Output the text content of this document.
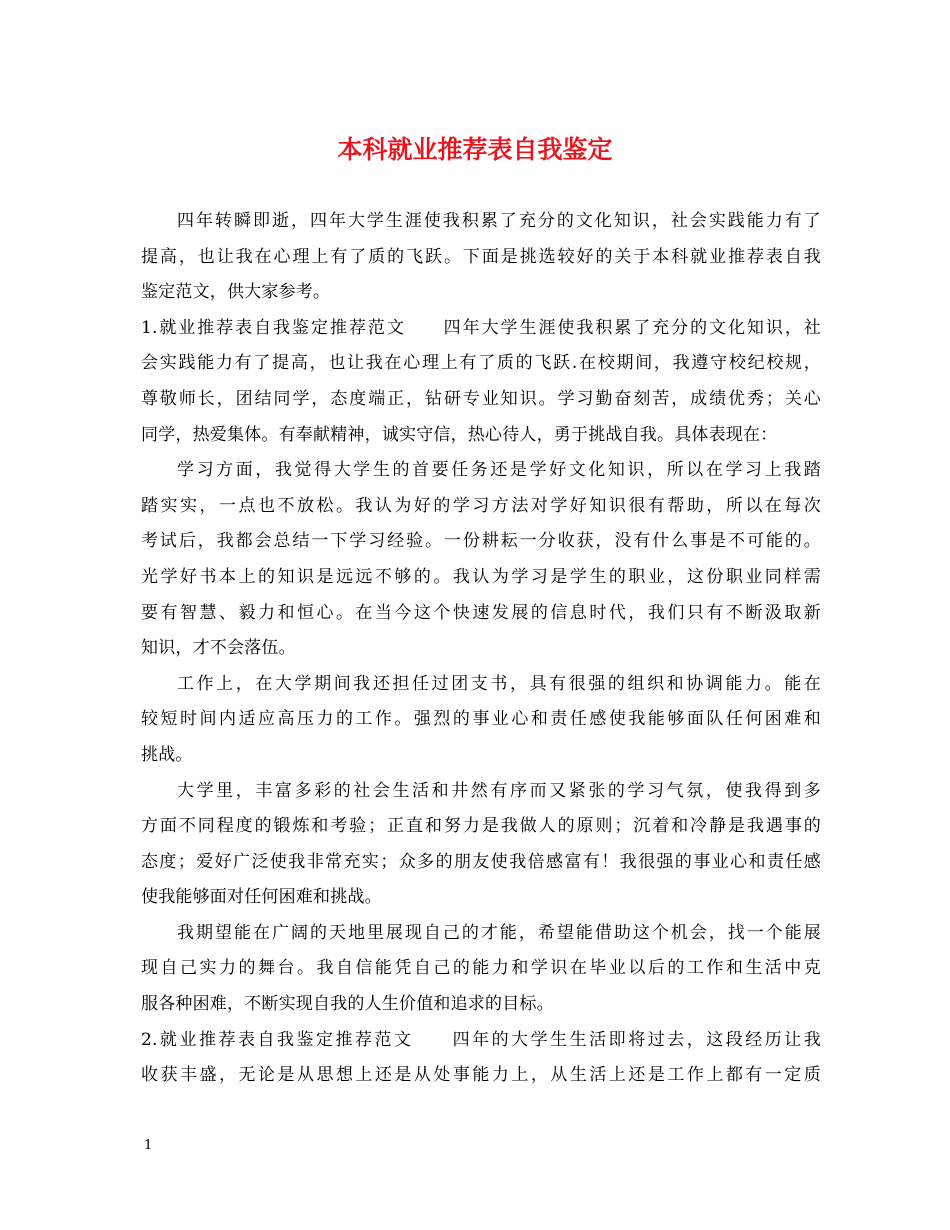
本科就业推荐表自我鉴定
四年转瞬即逝，四年大学生涯使我积累了充分的文化知识，社会实践能力有了
提高，也让我在心理上有了质的飞跃。下面是挑选较好的关于本科就业推荐表自我
鉴定范文，供大家参考。
1.就业推荐表自我鉴定推荐范文　　四年大学生涯使我积累了充分的文化知识，社
会实践能力有了提高，也让我在心理上有了质的飞跃.在校期间，我遵守校纪校规，
尊敬师长，团结同学，态度端正，钻研专业知识。学习勤奋刻苦，成绩优秀；关心
同学，热爱集体。有奉献精神，诚实守信，热心待人，勇于挑战自我。具体表现在：
学习方面，我觉得大学生的首要任务还是学好文化知识，所以在学习上我踏
踏实实，一点也不放松。我认为好的学习方法对学好知识很有帮助，所以在每次
考试后，我都会总结一下学习经验。一份耕耘一分收获，没有什么事是不可能的。
光学好书本上的知识是远远不够的。我认为学习是学生的职业，这份职业同样需
要有智慧、毅力和恒心。在当今这个快速发展的信息时代，我们只有不断汲取新
知识，才不会落伍。
工作上，在大学期间我还担任过团支书，具有很强的组织和协调能力。能在
较短时间内适应高压力的工作。强烈的事业心和责任感使我能够面队任何困难和
挑战。
大学里，丰富多彩的社会生活和井然有序而又紧张的学习气氛，使我得到多
方面不同程度的锻炼和考验；正直和努力是我做人的原则；沉着和冷静是我遇事的
态度；爱好广泛使我非常充实；众多的朋友使我倍感富有！我很强的事业心和责任感
使我能够面对任何困难和挑战。
我期望能在广阔的天地里展现自己的才能，希望能借助这个机会，找一个能展
现自己实力的舞台。我自信能凭自己的能力和学识在毕业以后的工作和生活中克
服各种困难，不断实现自我的人生价值和追求的目标。
2.就业推荐表自我鉴定推荐范文　　四年的大学生生活即将过去，这段经历让我
收获丰盛，无论是从思想上还是从处事能力上，从生活上还是工作上都有一定质
1
